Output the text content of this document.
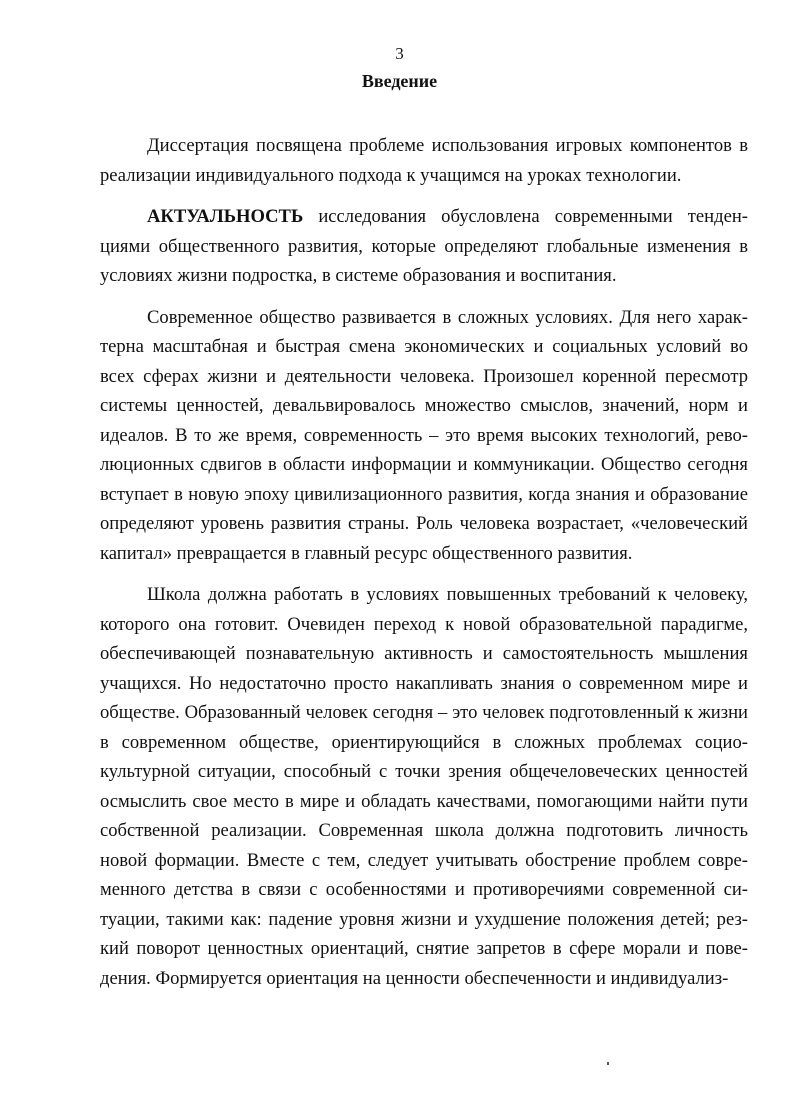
3
Введение

Диссертация посвящена проблеме использования игровых компонентов в реализации индивидуального подхода к учащимся на уроках технологии.

АКТУАЛЬНОСТЬ исследования обусловлена современными тенденциями общественного развития, которые определяют глобальные изменения в условиях жизни подростка, в системе образования и воспитания.

Современное общество развивается в сложных условиях. Для него характерна масштабная и быстрая смена экономических и социальных условий во всех сферах жизни и деятельности человека. Произошел коренной пересмотр системы ценностей, девальвировалось множество смыслов, значений, норм и идеалов. В то же время, современность – это время высоких технологий, революционных сдвигов в области информации и коммуникации. Общество сегодня вступает в новую эпоху цивилизационного развития, когда знания и образование определяют уровень развития страны. Роль человека возрастает, «человеческий капитал» превращается в главный ресурс общественного развития.

Школа должна работать в условиях повышенных требований к человеку, которого она готовит. Очевиден переход к новой образовательной парадигме, обеспечивающей познавательную активность и самостоятельность мышления учащихся. Но недостаточно просто накапливать знания о современном мире и обществе. Образованный человек сегодня – это человек подготовленный к жизни в современном обществе, ориентирующийся в сложных проблемах социокультурной ситуации, способный с точки зрения общечеловеческих ценностей осмыслить свое место в мире и обладать качествами, помогающими найти пути собственной реализации. Современная школа должна подготовить личность новой формации. Вместе с тем, следует учитывать обострение проблем современного детства в связи с особенностями и противоречиями современной ситуации, такими как: падение уровня жизни и ухудшение положения детей; резкий поворот ценностных ориентаций, снятие запретов в сфере морали и поведения. Формируется ориентация на ценности обеспеченности и индивидуализ-
